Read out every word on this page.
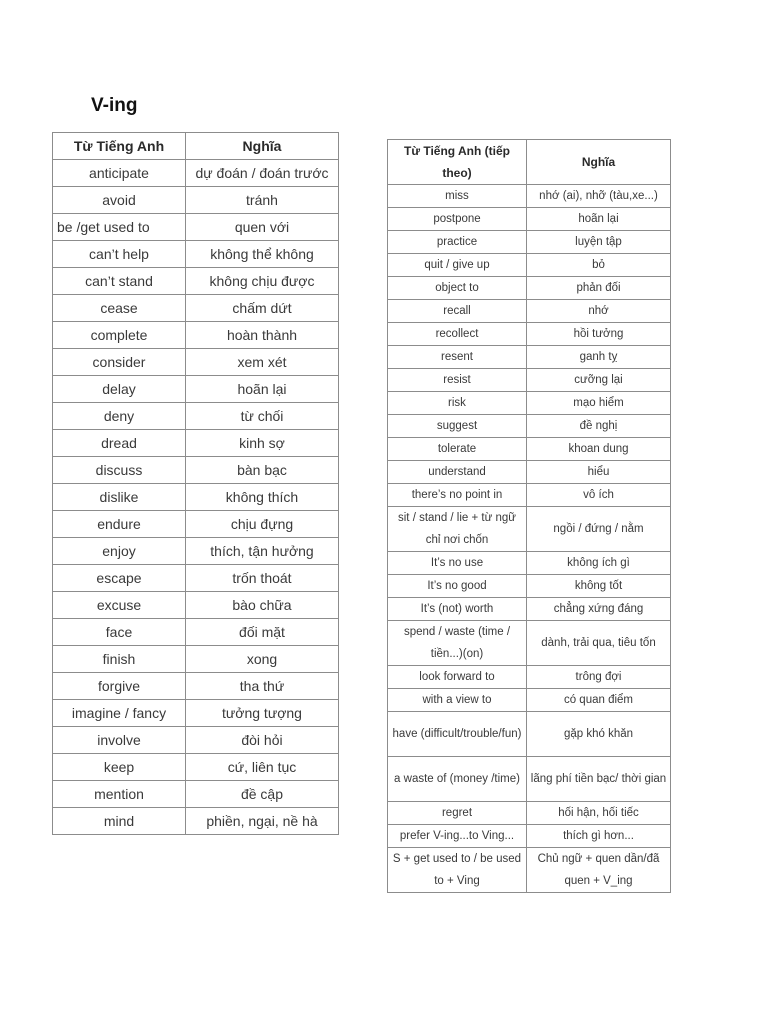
V-ing
Từ Tiếng Anh	Nghĩa
anticipate	dự đoán / đoán trước
avoid	tránh
be /get used to	quen với
can’t help	không thể không
can’t stand	không chịu được
cease	chấm dứt
complete	hoàn thành
consider	xem xét
delay	hoãn lại
deny	từ chối
dread	kinh sợ
discuss	bàn bạc
dislike	không thích
endure	chịu đựng
enjoy	thích, tận hưởng
escape	trốn thoát
excuse	bào chữa
face	đối mặt
finish	xong
forgive	tha thứ
imagine / fancy	tưởng tượng
involve	đòi hỏi
keep	cứ, liên tục
mention	đề cập
mind	phiền, ngại, nề hà
Từ Tiếng Anh (tiếp theo)	Nghĩa
miss	nhớ (ai), nhỡ (tàu,xe...)
postpone	hoãn lại
practice	luyện tập
quit / give up	bỏ
object to	phản đối
recall	nhớ
recollect	hồi tưởng
resent	ganh tỵ
resist	cưỡng lại
risk	mạo hiểm
suggest	đề nghị
tolerate	khoan dung
understand	hiểu
there’s no point in	vô ích
sit / stand / lie + từ ngữ chỉ nơi chốn	ngồi / đứng / nằm
It’s no use	không ích gì
It’s no good	không tốt
It’s (not) worth	chẳng xứng đáng
spend / waste (time / tiền...)(on)	dành, trải qua, tiêu tốn
look forward to	trông đợi
with a view to	có quan điểm
have (difficult/trouble/fun)	gặp khó khăn
a waste of (money /time)	lãng phí tiền bạc/ thời gian
regret	hối hận, hối tiếc
prefer V-ing...to Ving...	thích gì hơn...
S + get used to / be used to + Ving	Chủ ngữ + quen dần/đã quen + V_ing
